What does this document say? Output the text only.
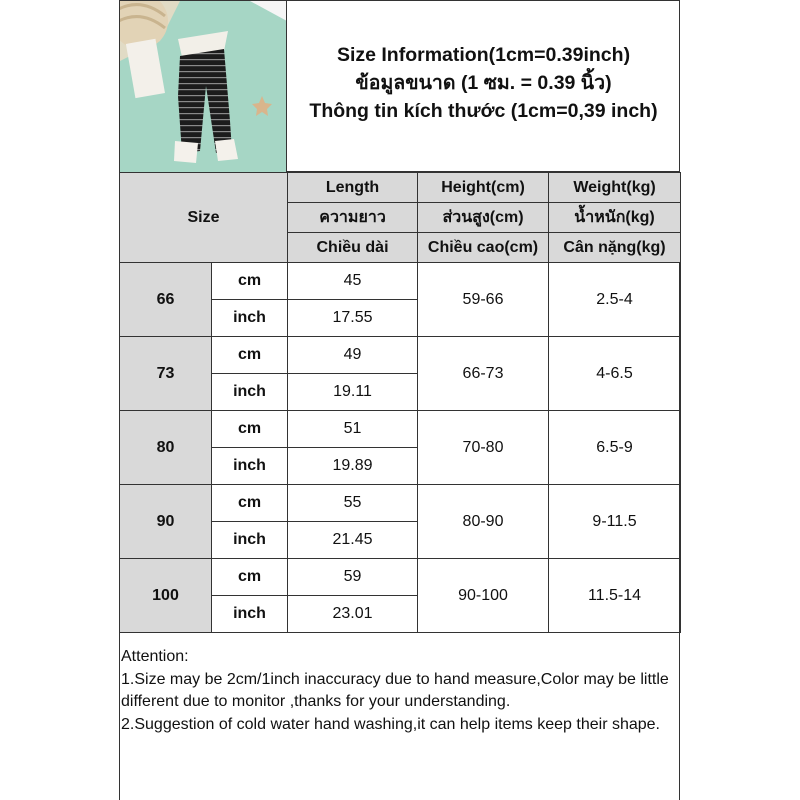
Size Information(1cm=0.39inch)
ข้อมูลขนาด (1 ซม. = 0.39 นิ้ว)
Thông tin kích thước (1cm=0,39 inch)
Size		Length	Height(cm)	Weight(kg)
		ความยาว	ส่วนสูง(cm)	น้ำหนัก(kg)
		Chiều dài	Chiều cao(cm)	Cân nặng(kg)
66	cm	45	59-66	2.5-4
	inch	17.55		
73	cm	49	66-73	4-6.5
	inch	19.11		
80	cm	51	70-80	6.5-9
	inch	19.89		
90	cm	55	80-90	9-11.5
	inch	21.45		
100	cm	59	90-100	11.5-14
	inch	23.01		
Attention:
1.Size may be 2cm/1inch inaccuracy due to hand measure,Color may be little different due to monitor ,thanks for your understanding.
2.Suggestion of cold water hand washing,it can help items keep their shape.
